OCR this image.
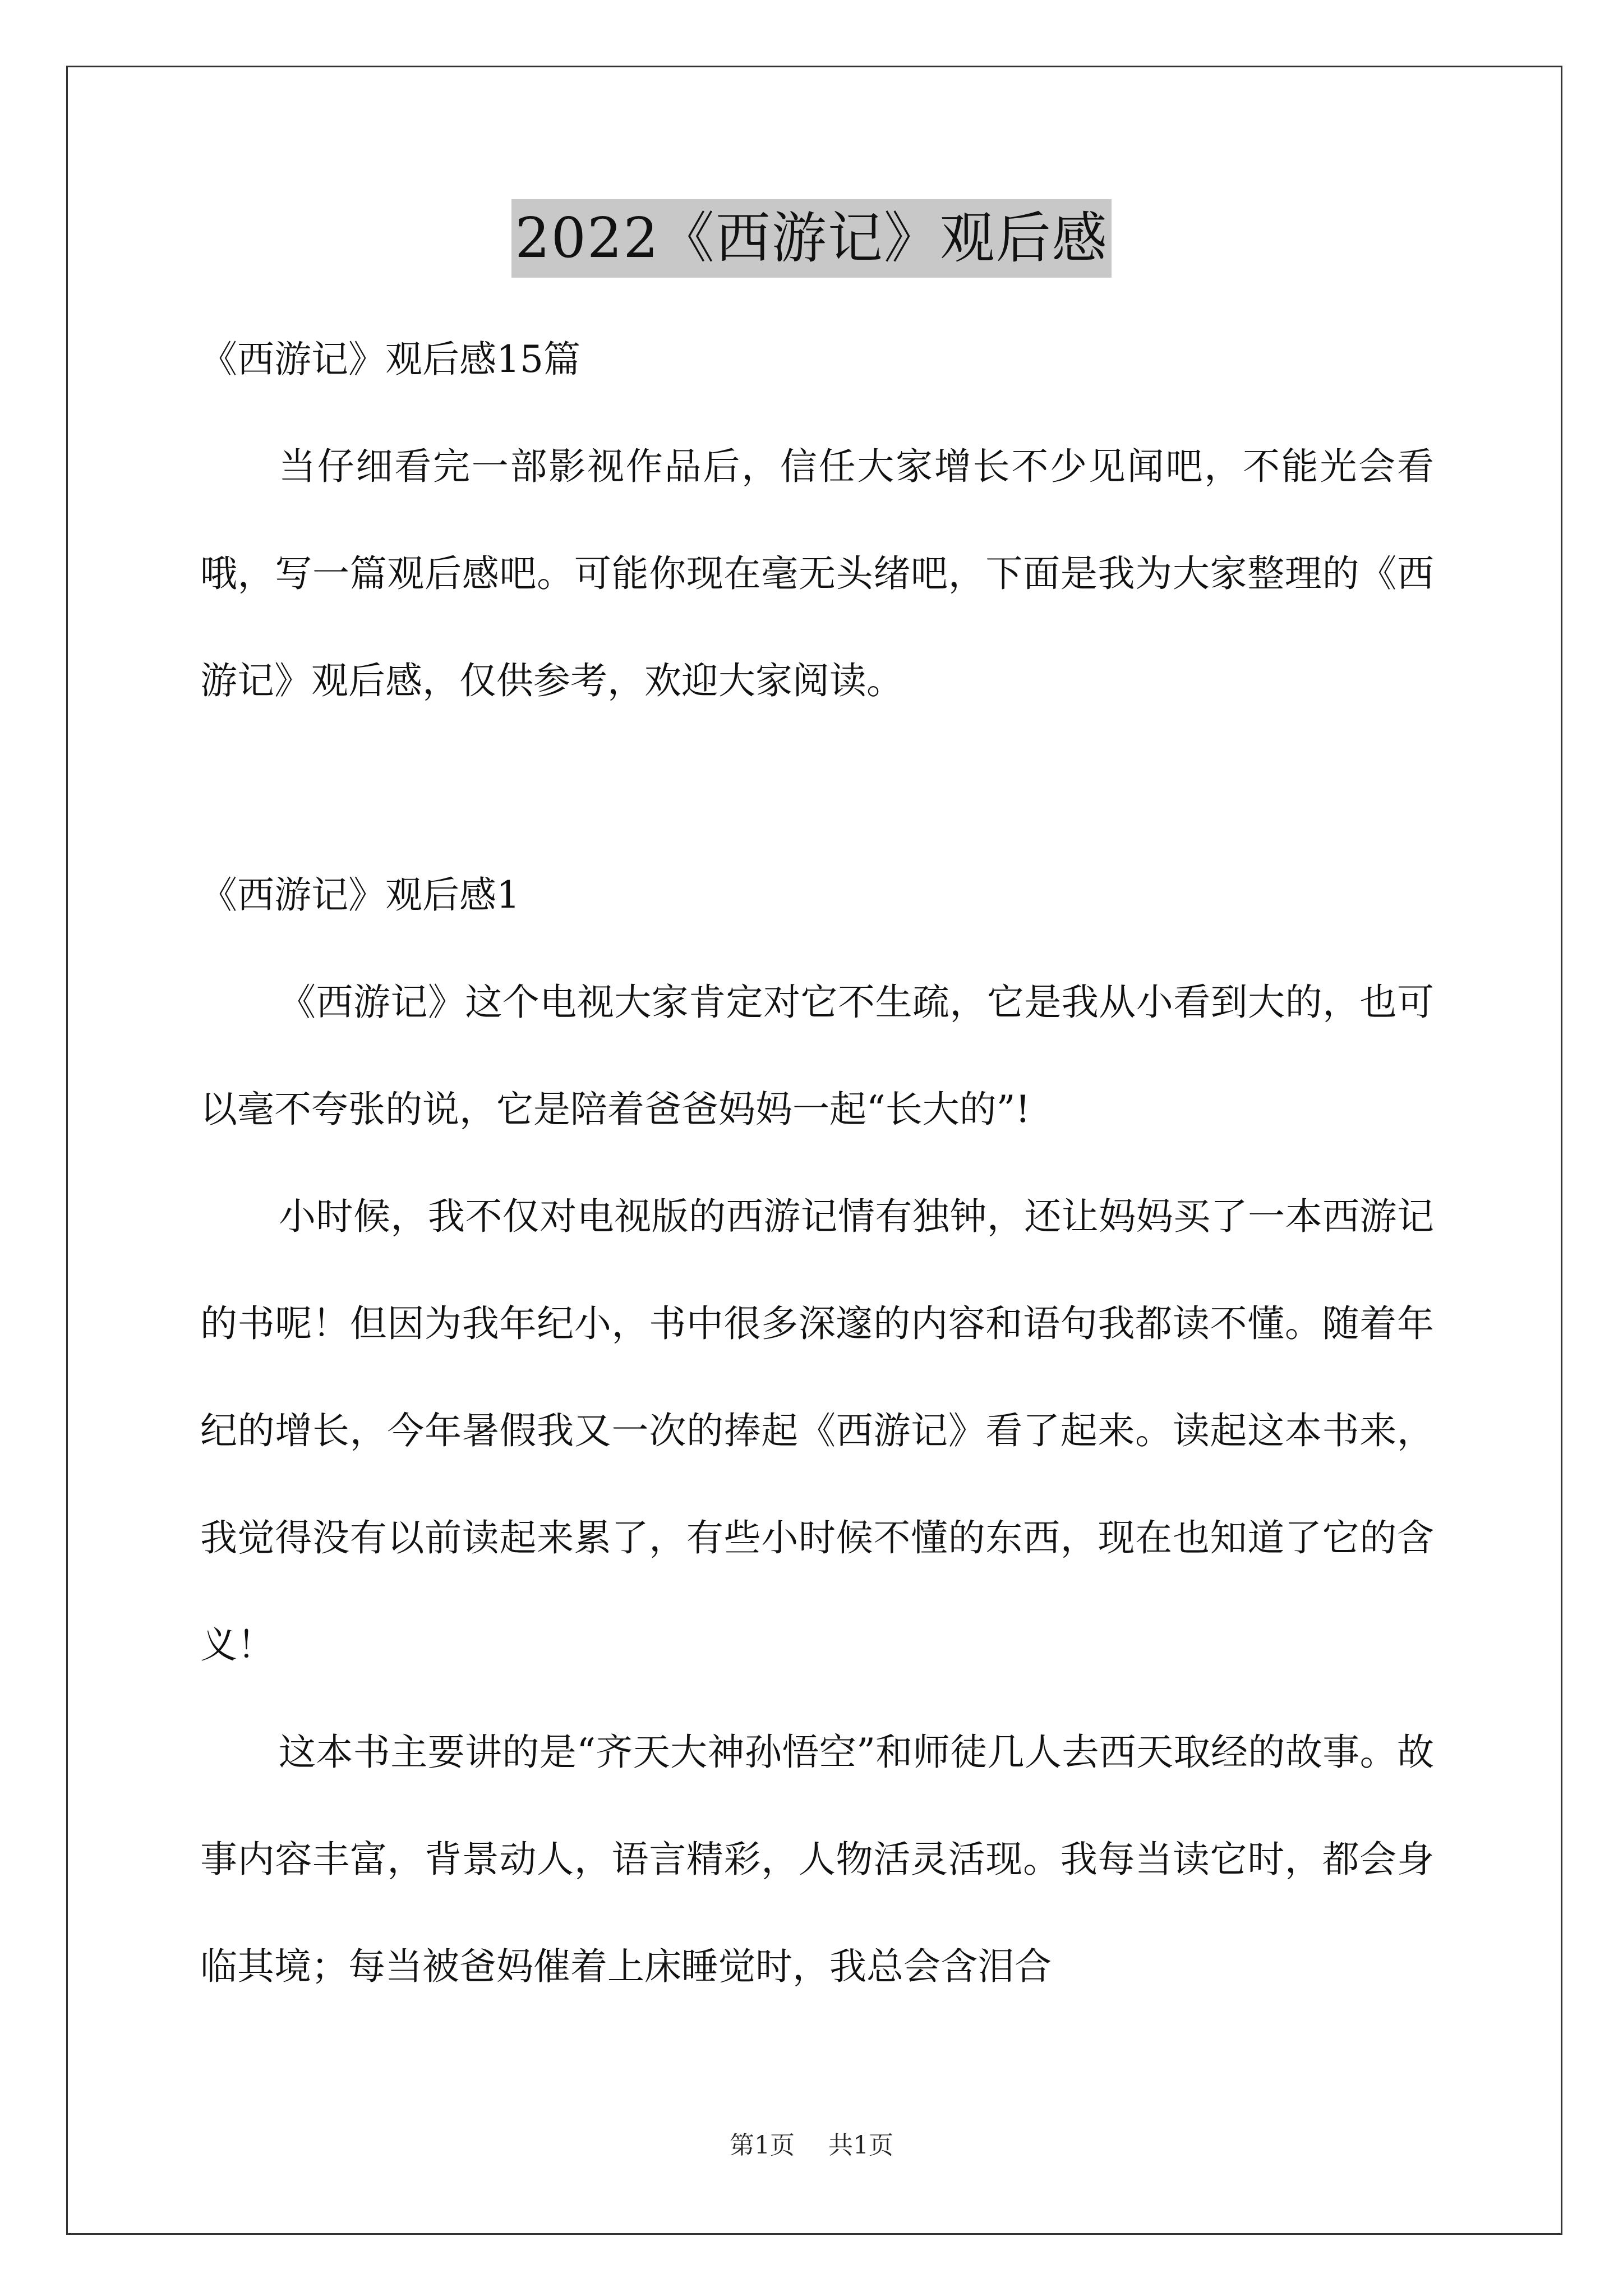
2022《西游记》观后感

《西游记》观后感15篇

当仔细看完一部影视作品后，信任大家增长不少见闻吧，不能光会看哦，写一篇观后感吧。可能你现在毫无头绪吧，下面是我为大家整理的《西游记》观后感，仅供参考，欢迎大家阅读。

《西游记》观后感1

《西游记》这个电视大家肯定对它不生疏，它是我从小看到大的，也可以毫不夸张的说，它是陪着爸爸妈妈一起“长大的”!

小时候，我不仅对电视版的西游记情有独钟，还让妈妈买了一本西游记的书呢！但因为我年纪小，书中很多深邃的内容和语句我都读不懂。随着年纪的增长，今年暑假我又一次的捧起《西游记》看了起来。读起这本书来，我觉得没有以前读起来累了，有些小时候不懂的东西，现在也知道了它的含义！

这本书主要讲的是“齐天大神孙悟空”和师徒几人去西天取经的故事。故事内容丰富，背景动人，语言精彩，人物活灵活现。我每当读它时，都会身临其境；每当被爸妈催着上床睡觉时，我总会含泪合

第1页 共1页
